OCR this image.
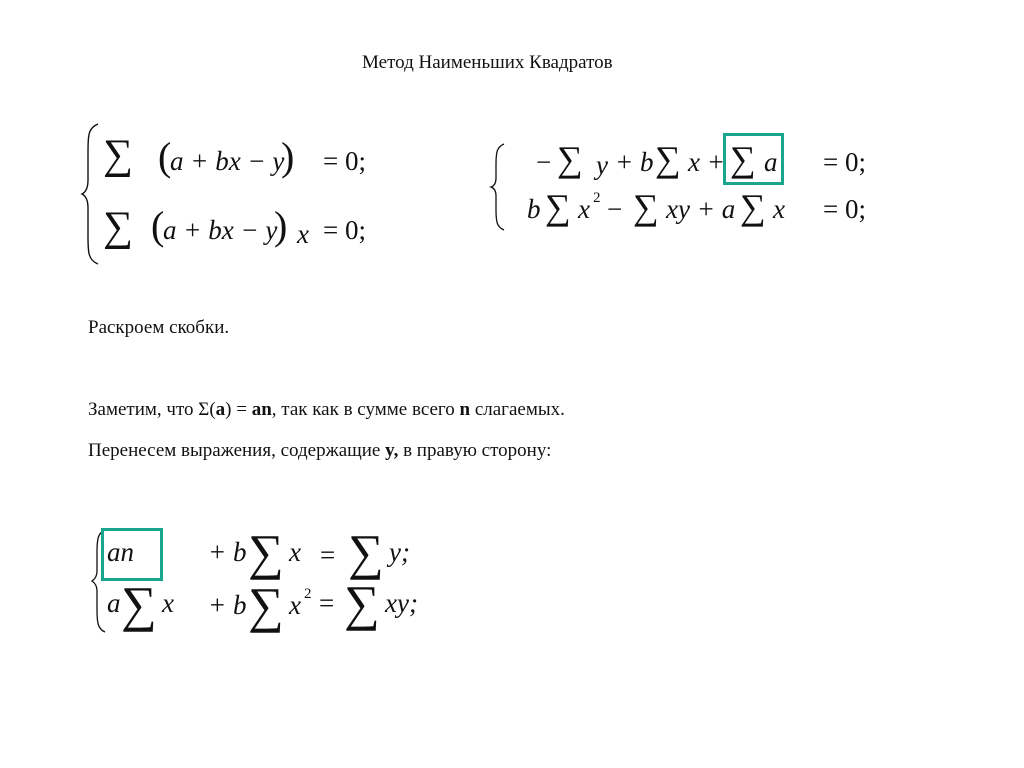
Метод Наименьших Квадратов
∑ (
a + bx − y
) = 0;
∑ (
a + bx − y
) x = 0;
− ∑ y + b ∑ x + ∑ a = 0;
b ∑ x 2 − ∑ xy + a ∑ x = 0;
Раскроем скобки.
Заметим, что Σ(a) = an, так как в сумме всего n слагаемых.
Перенесем выражения, содержащие y, в правую сторону:
an	+ b ∑ x = ∑ y;
a ∑ x + b ∑ x 2 = ∑ xy;
